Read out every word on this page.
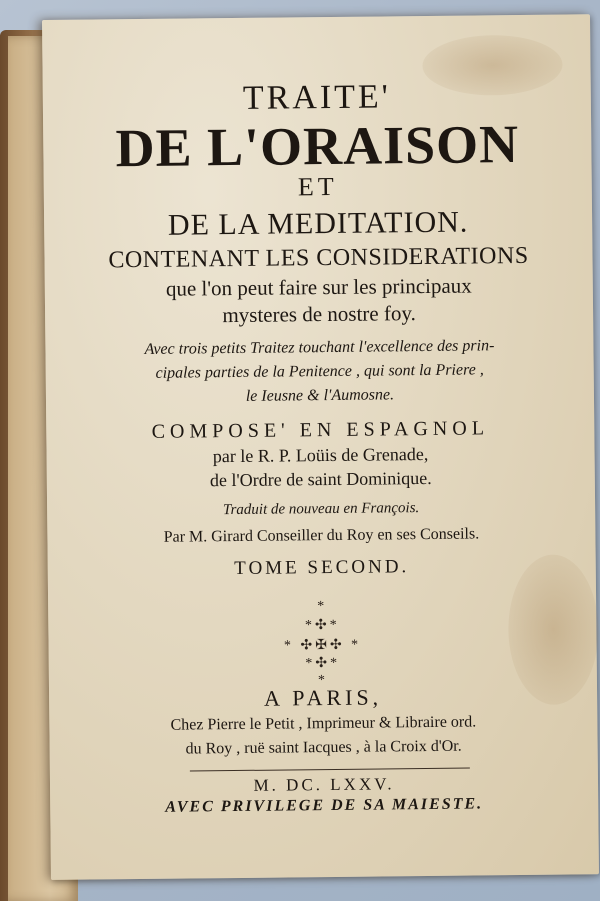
TRAITE'
DE L'ORAISON
ET
DE LA MEDITATION.
CONTENANT LES CONSIDERATIONS
que l'on peut faire sur les principaux
mysteres de nostre foy.
Avec trois petits Traitez touchant l'excellence des prin-
cipales parties de la Penitence , qui sont la Priere ,
le Ieusne & l'Aumosne.
COMPOSE' EN ESPAGNOL
par le R. P. Loüis de Grenade,
de l'Ordre de saint Dominique.
Traduit de nouveau en François.
Par M. Girard Conseiller du Roy en ses Conseils.
TOME SECOND.
*
*✣*
* ✣✠✣ *
*✣*
*
A PARIS,
Chez Pierre le Petit , Imprimeur & Libraire ord.
du Roy , ruë saint Iacques , à la Croix d'Or.
M. DC. LXXV.
AVEC PRIVILEGE DE SA MAIESTE.
